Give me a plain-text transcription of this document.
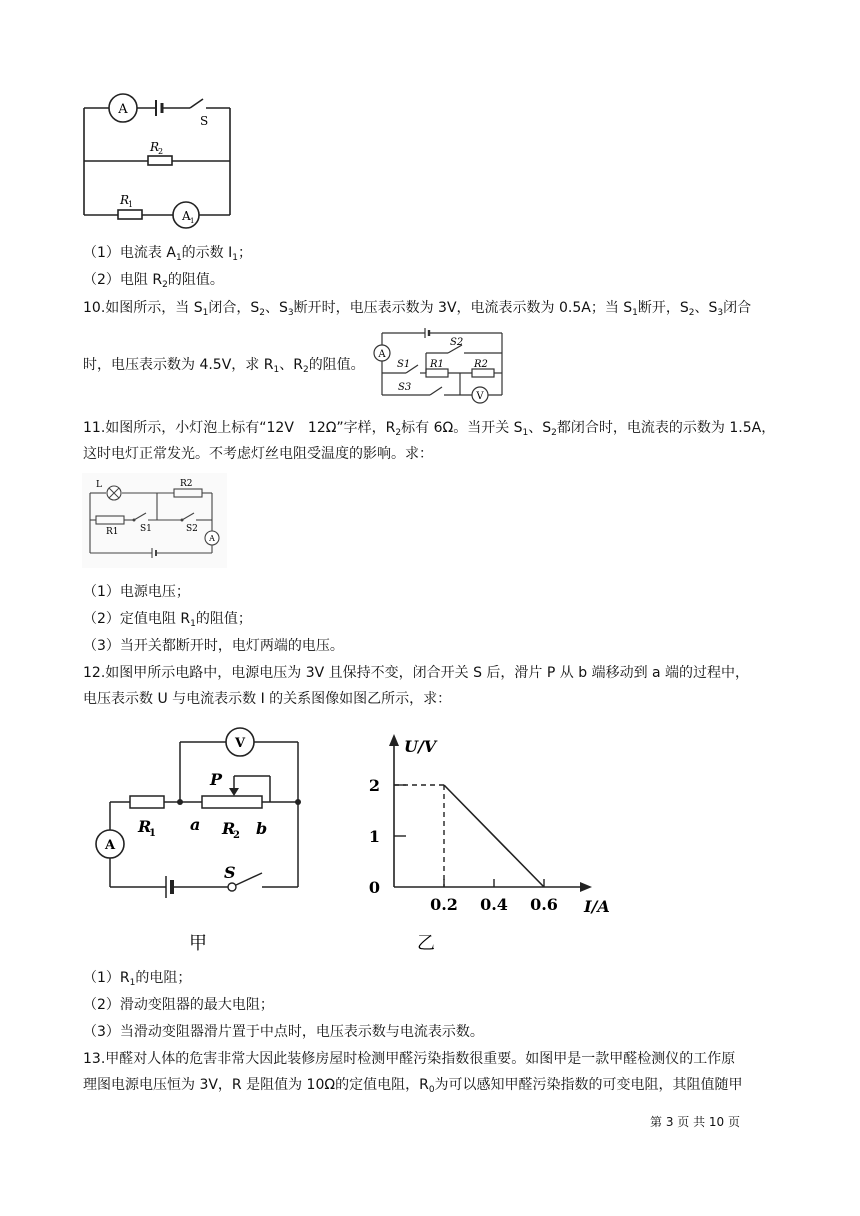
A
S
R
2
R
1
A 1
（1）电流表 $A_1$的示数 $I_1$；
（2）电阻 $R_2$的阻值。
10.如图所示，当 $S_1$闭合，$S_2$、$S_3$断开时，电压表示数为 3V，电流表示数为 0.5A；当 $S_1$断开，$S_2$、$S_3$闭合
时，电压表示数为 4.5V，求 $R_1$、$R_2$的阻值。
A
S1
S2
S3
R1	R2
V
11.如图所示，小灯泡上标有“12V　12Ω”字样，$R_2$标有 6Ω。当开关 $S_1$、$S_2$都闭合时，电流表的示数为 1.5A，
这时电灯正常发光。不考虑灯丝电阻受温度的影响。求：
L	R2
R1 S1	S2
A
（1）电源电压；
（2）定值电阻 $R_1$的阻值；
（3）当开关都断开时，电灯两端的电压。
12.如图甲所示电路中，电源电压为 3V 且保持不变，闭合开关 S 后，滑片 P 从 b 端移动到 a 端的过程中，
电压表示数 U 与电流表示数 I 的关系图像如图乙所示，求：
V
A
P
R
1 a R
2 b
S
甲
0.2 0.4 0.6
0
1
2
U/V
I/A
乙
$(1)R_1$的电阻；
（2）滑动变阻器的最大电阻；
（3）当滑动变阻器滑片置于中点时，电压表示数与电流表示数。
13.甲醛对人体的危害非常大因此装修房屋时检测甲醛污染指数很重要。如图甲是一款甲醛检测仪的工作原
理图电源电压恒为 3V，R 是阻值为 10Ω的定值电阻，$R_0$为可以感知甲醛污染指数的可变电阻，其阻值随甲
第 3 页 共 10 页
